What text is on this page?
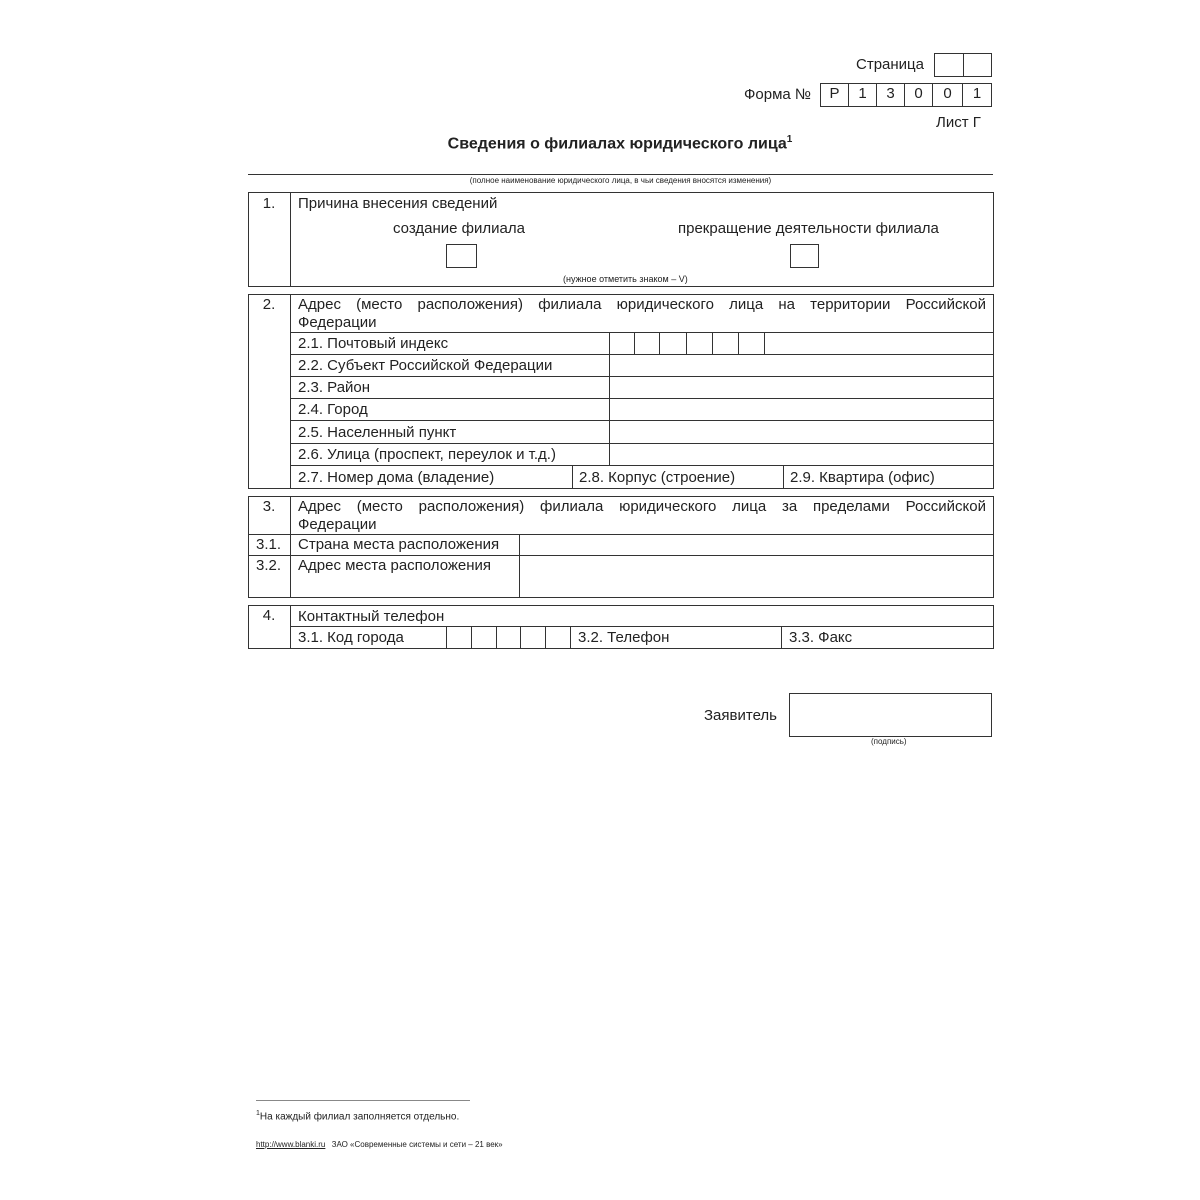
Страница
Форма №	Р	1	3	0	0	1
Лист Г
Сведения о филиалах юридического лица$^1$
(полное наименование юридического лица, в чьи сведения вносятся изменения)
1.	Причина внесения сведений
создание филиала	прекращение деятельности филиала
(нужное отметить знаком – V)
2.	Адрес (место расположения) филиала юридического лица на территории Российской
Федерации
2.1. Почтовый индекс
2.2. Субъект Российской Федерации
2.3. Район
2.4. Город
2.5. Населенный пункт
2.6. Улица (проспект, переулок и т.д.)
2.7. Номер дома (владение)	2.8. Корпус (строение)	2.9. Квартира (офис)
3.	Адрес (место расположения) филиала юридического лица за пределами Российской
Федерации
3.1. Страна места расположения
3.2. Адрес места расположения
4.	Контактный телефон
3.1. Код города	3.2. Телефон	3.3. Факс
Заявитель
(подпись)
$^1$На каждый филиал заполняется отдельно.
http://www.blanki.ru ЗАО «Современные системы и сети – 21 век»
